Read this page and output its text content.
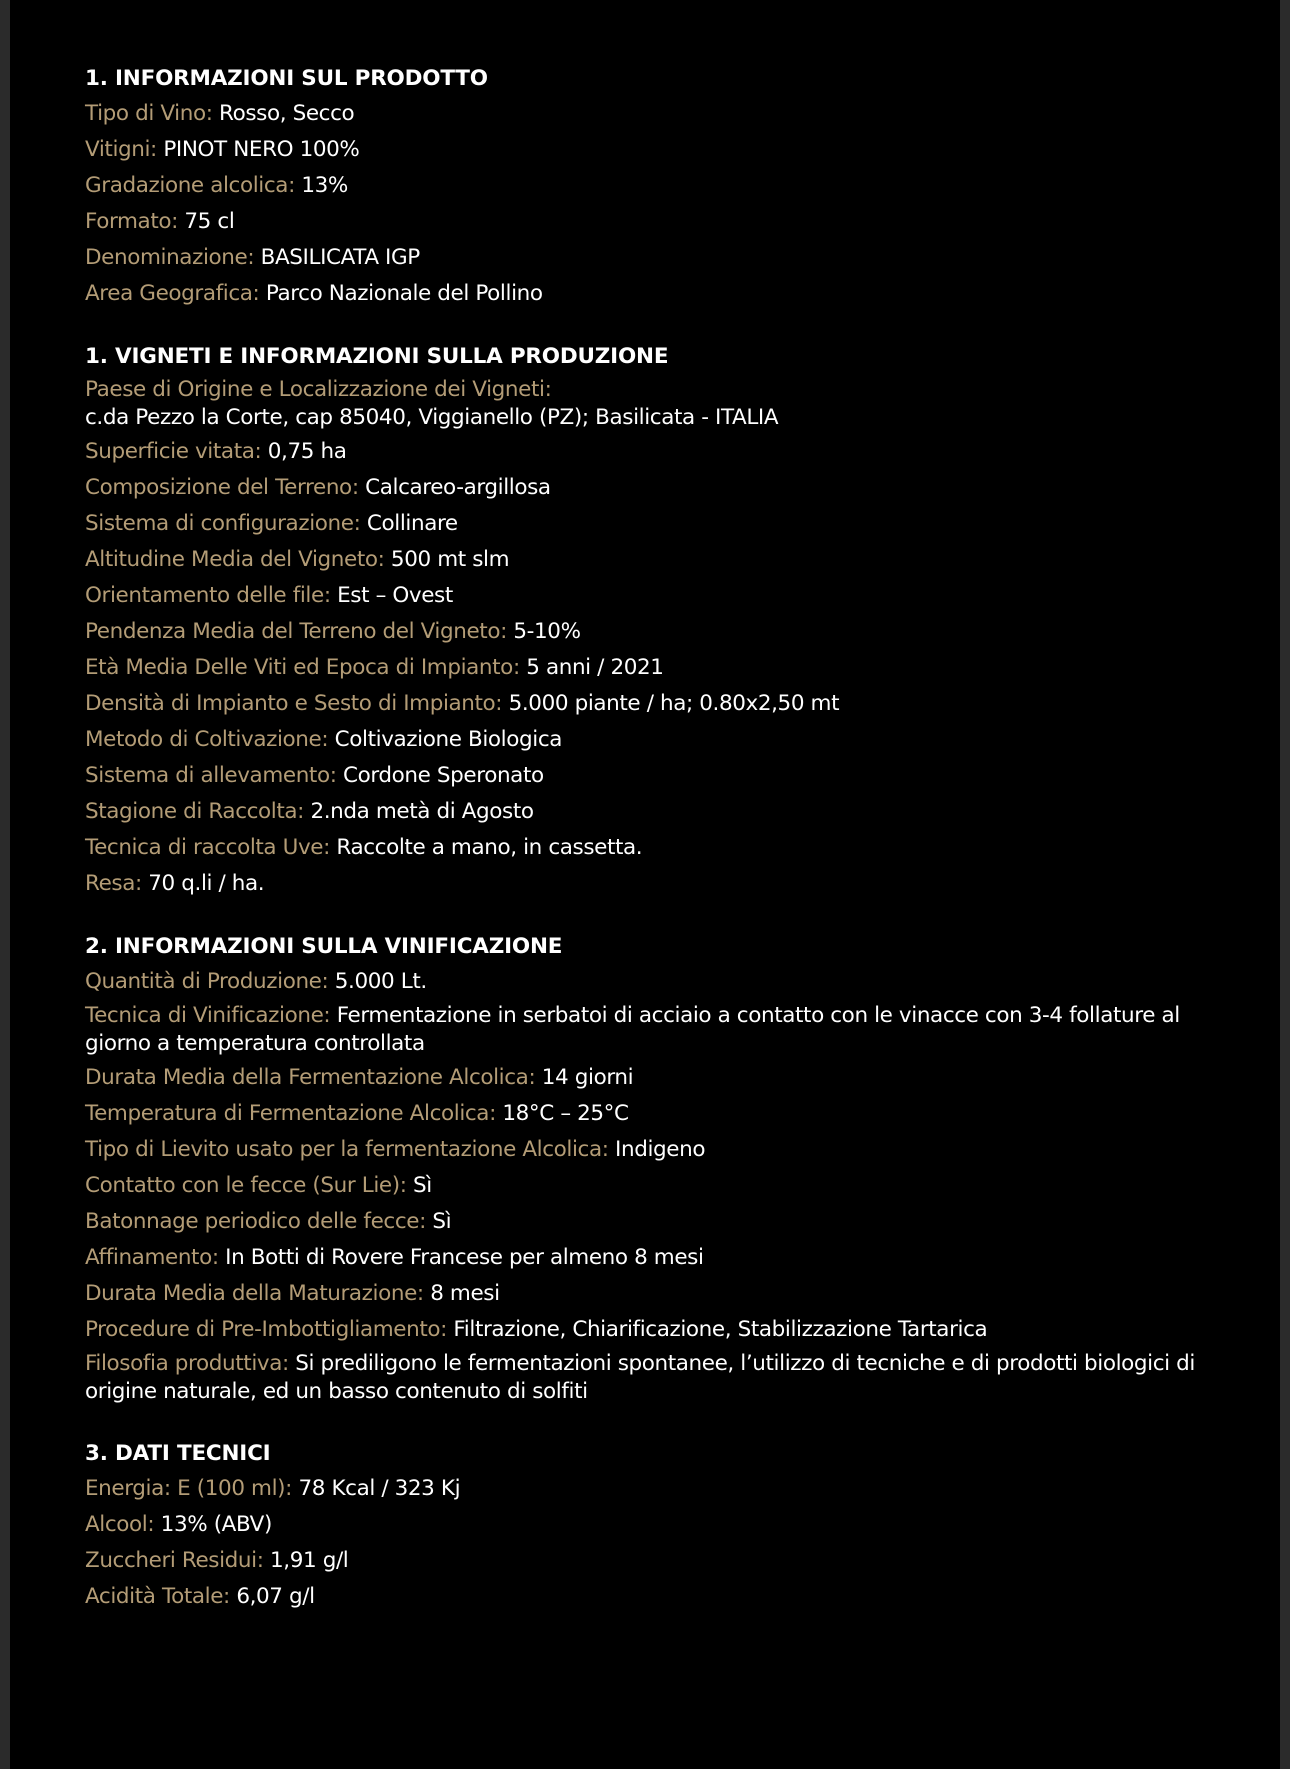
1. INFORMAZIONI SUL PRODOTTO
Tipo di Vino: Rosso, Secco
Vitigni: PINOT NERO 100%
Gradazione alcolica: 13%
Formato: 75 cl
Denominazione: BASILICATA IGP
Area Geografica: Parco Nazionale del Pollino
1. VIGNETI E INFORMAZIONI SULLA PRODUZIONE
Paese di Origine e Localizzazione dei Vigneti:
c.da Pezzo la Corte, cap 85040, Viggianello (PZ); Basilicata - ITALIA
Superficie vitata: 0,75 ha
Composizione del Terreno: Calcareo-argillosa
Sistema di configurazione: Collinare
Altitudine Media del Vigneto: 500 mt slm
Orientamento delle file: Est – Ovest
Pendenza Media del Terreno del Vigneto: 5-10%
Età Media Delle Viti ed Epoca di Impianto: 5 anni / 2021
Densità di Impianto e Sesto di Impianto: 5.000 piante / ha; 0.80x2,50 mt
Metodo di Coltivazione: Coltivazione Biologica
Sistema di allevamento: Cordone Speronato
Stagione di Raccolta: 2.nda metà di Agosto
Tecnica di raccolta Uve: Raccolte a mano, in cassetta.
Resa: 70 q.li / ha.
2. INFORMAZIONI SULLA VINIFICAZIONE
Quantità di Produzione: 5.000 Lt.
Tecnica di Vinificazione: Fermentazione in serbatoi di acciaio a contatto con le vinacce con 3-4 follature al giorno a temperatura controllata
Durata Media della Fermentazione Alcolica: 14 giorni
Temperatura di Fermentazione Alcolica: 18°C – 25°C
Tipo di Lievito usato per la fermentazione Alcolica: Indigeno
Contatto con le fecce (Sur Lie): Sì
Batonnage periodico delle fecce: Sì
Affinamento: In Botti di Rovere Francese per almeno 8 mesi
Durata Media della Maturazione: 8 mesi
Procedure di Pre-Imbottigliamento: Filtrazione, Chiarificazione, Stabilizzazione Tartarica
Filosofia produttiva: Si prediligono le fermentazioni spontanee, l’utilizzo di tecniche e di prodotti biologici di origine naturale, ed un basso contenuto di solfiti
3. DATI TECNICI
Energia: E (100 ml): 78 Kcal / 323 Kj
Alcool: 13% (ABV)
Zuccheri Residui: 1,91 g/l
Acidità Totale: 6,07 g/l
